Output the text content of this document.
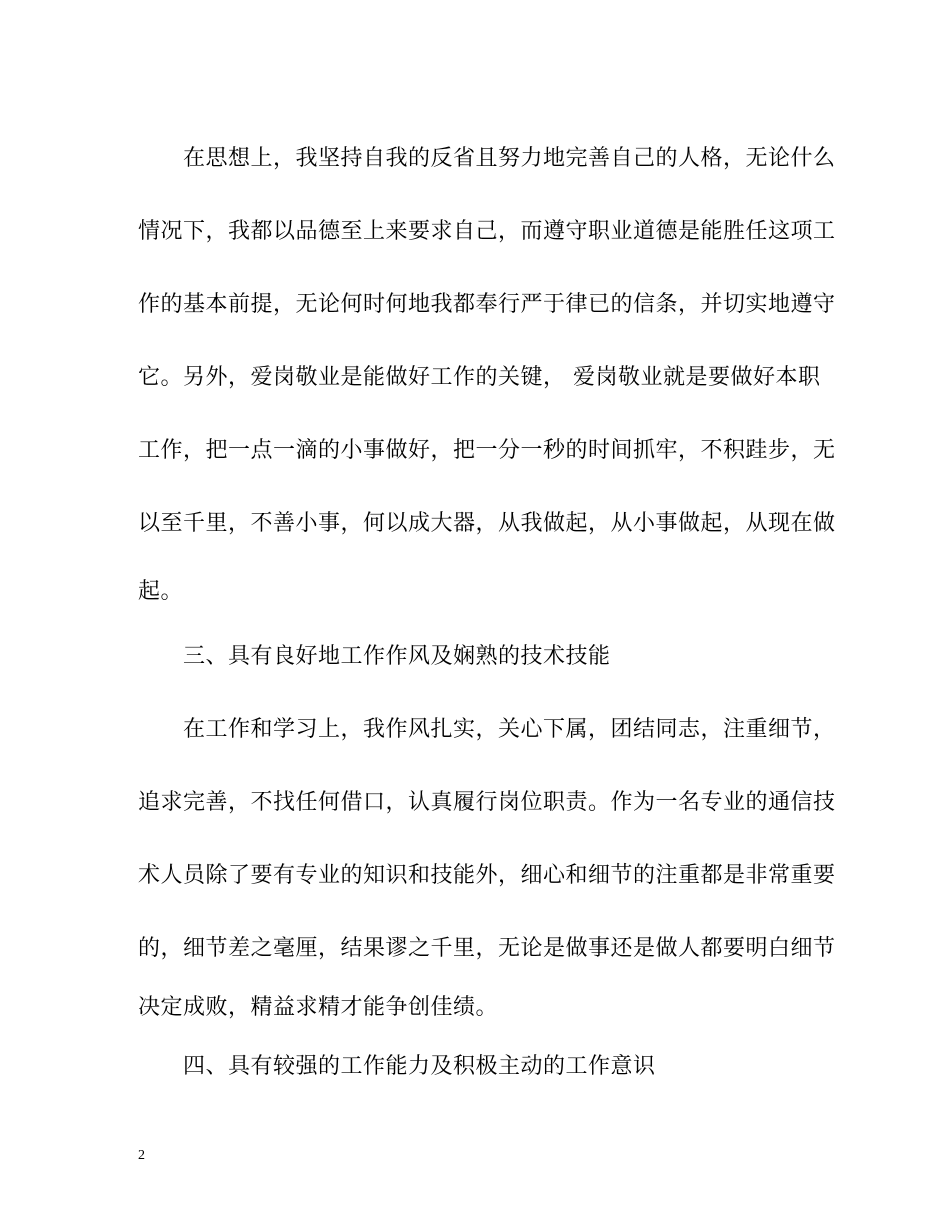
在思想上，我坚持自我的反省且努力地完善自己的人格，无论什么
情况下，我都以品德至上来要求自己，而遵守职业道德是能胜任这项工
作的基本前提，无论何时何地我都奉行严于律已的信条，并切实地遵守
它。另外，爱岗敬业是能做好工作的关键， 爱岗敬业就是要做好本职
工作，把一点一滴的小事做好，把一分一秒的时间抓牢，不积跬步，无
以至千里，不善小事，何以成大器，从我做起，从小事做起，从现在做
起。
三、具有良好地工作作风及娴熟的技术技能
在工作和学习上，我作风扎实，关心下属，团结同志，注重细节，
追求完善，不找任何借口，认真履行岗位职责。作为一名专业的通信技
术人员除了要有专业的知识和技能外，细心和细节的注重都是非常重要
的，细节差之毫厘，结果谬之千里，无论是做事还是做人都要明白细节
决定成败，精益求精才能争创佳绩。
四、具有较强的工作能力及积极主动的工作意识
2
